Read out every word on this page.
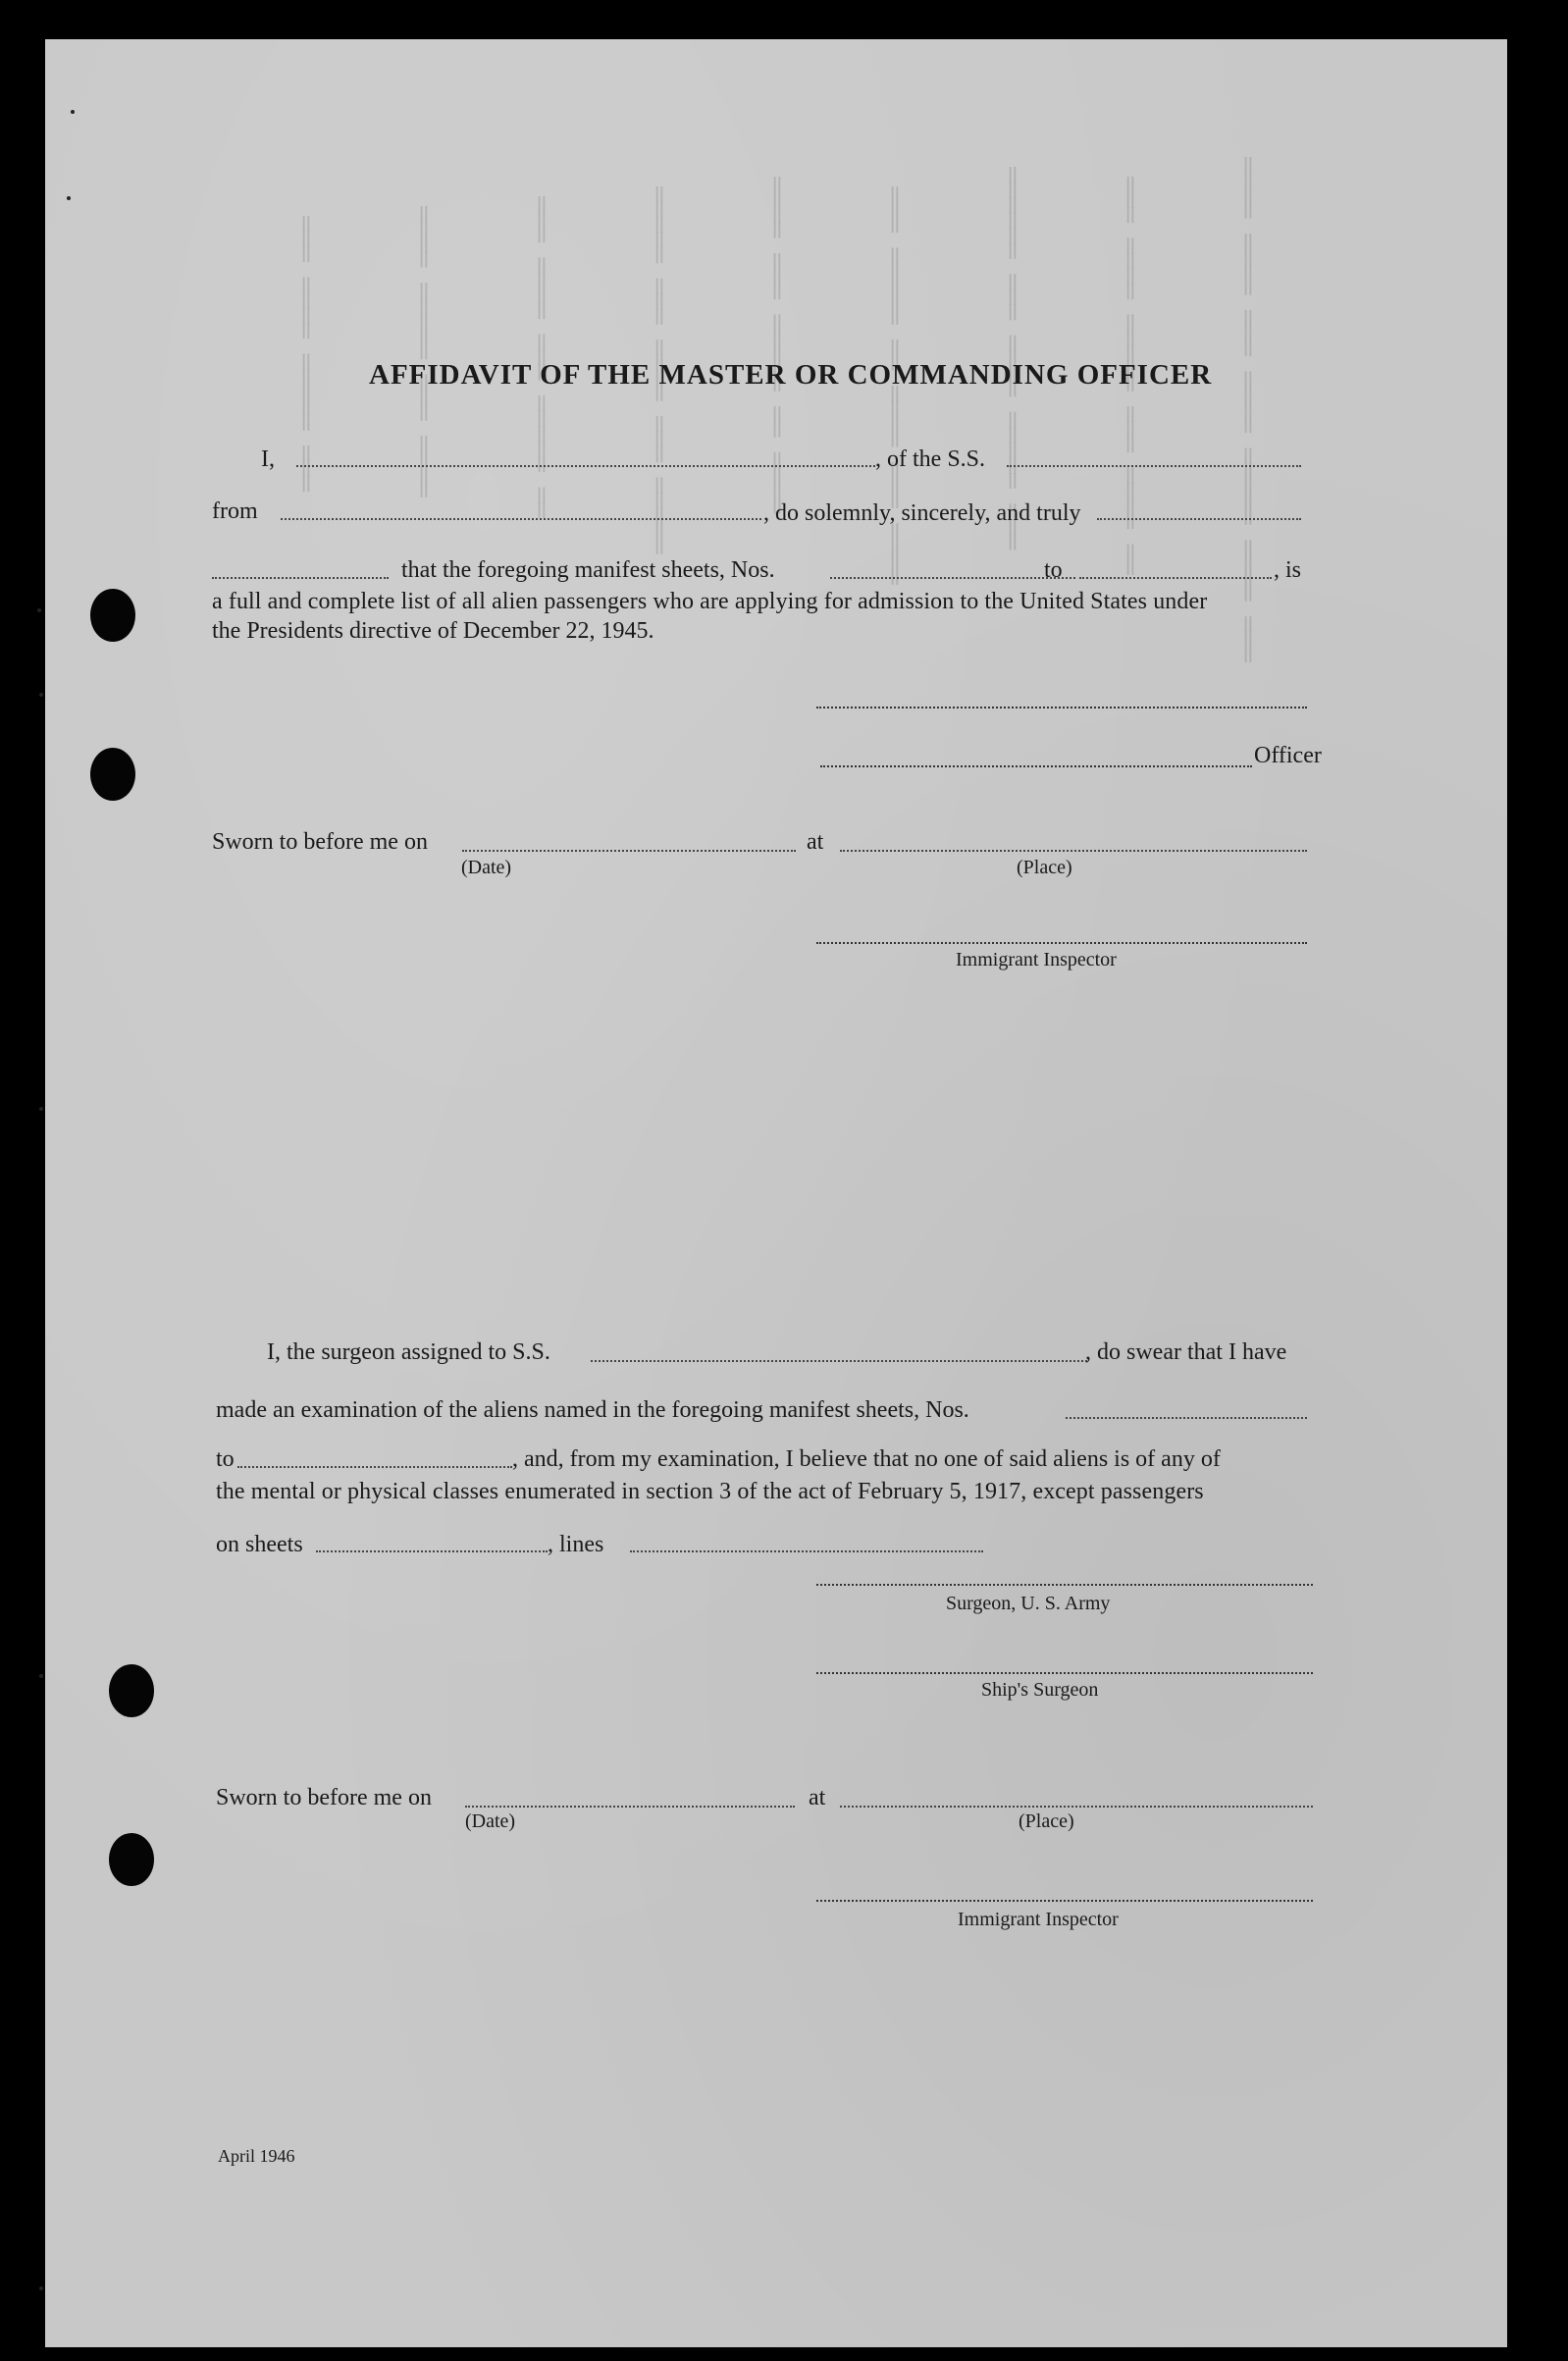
════ ════ ═══ ════ ═════ ════ ═══
═══ ════ ═════ ═══ ════ ══
══════ ═══ ════ ═════ ═══
═══ ═════ ══ ════ ═══ ════
════ ═══ ═════ ══ ════
═════ ═══ ════ ═══ ═════
═══ ════ ═══ ═════ ══
════ ═════ ═══ ════
═══ ════ ═════ ═══ AFFIDAVIT OF THE MASTER OR COMMANDING OFFICER
I,	, of the S.S.
from	, do solemnly, sincerely, and truly
that the foregoing manifest sheets, Nos.	to	, is
a full and complete list of all alien passengers who are applying for admission to the United States under
the Presidents directive of December 22, 1945.
Officer
Sworn to before me on	at
(Date)	(Place)
Immigrant Inspector
I, the surgeon assigned to S.S.	, do swear that I have
made an examination of the aliens named in the foregoing manifest sheets, Nos.
to	, and, from my examination, I believe that no one of said aliens is of any of
the mental or physical classes enumerated in section 3 of the act of February 5, 1917, except passengers
on sheets	, lines
Surgeon, U. S. Army
Ship's Surgeon
Sworn to before me on	at
(Date)	(Place)
Immigrant Inspector
April 1946
